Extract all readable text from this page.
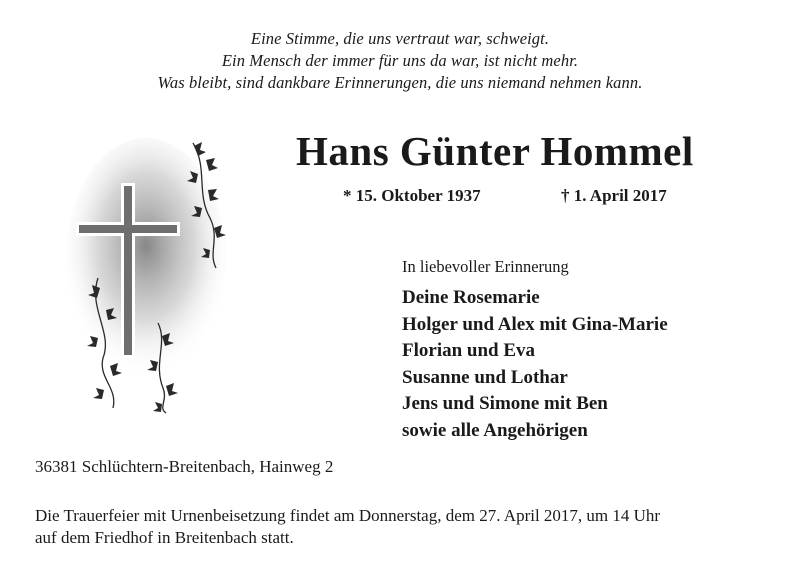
Eine Stimme, die uns vertraut war, schweigt.
Ein Mensch der immer für uns da war, ist nicht mehr.
Was bleibt, sind dankbare Erinnerungen, die uns niemand nehmen kann.
Hans Günter Hommel
* 15. Oktober 1937	† 1. April 2017
In liebevoller Erinnerung
Deine Rosemarie
Holger und Alex mit Gina-Marie
Florian und Eva
Susanne und Lothar
Jens und Simone mit Ben
sowie alle Angehörigen
36381 Schlüchtern-Breitenbach, Hainweg 2
Die Trauerfeier mit Urnenbeisetzung findet am Donnerstag, dem 27. April 2017, um 14 Uhr
auf dem Friedhof in Breitenbach statt.
